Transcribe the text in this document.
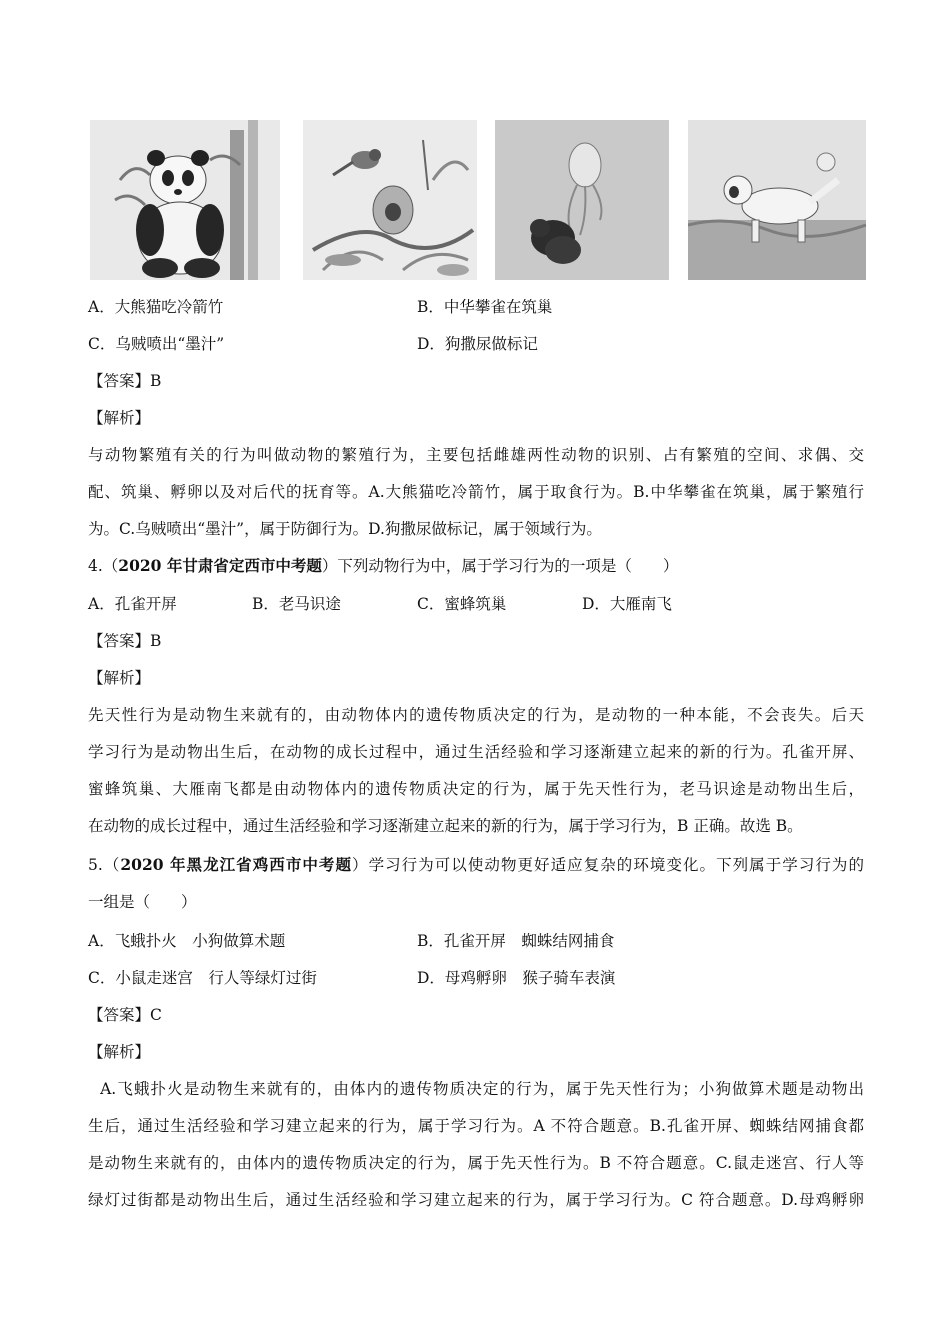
A．大熊猫吃冷箭竹	B．中华攀雀在筑巢
C．乌贼喷出“墨汁”	D．狗撒尿做标记
【答案】B
【解析】
与动物繁殖有关的行为叫做动物的繁殖行为，主要包括雌雄两性动物的识别、占有繁殖的空间、求偶、交
配、筑巢、孵卵以及对后代的抚育等。A.大熊猫吃冷箭竹，属于取食行为。B.中华攀雀在筑巢，属于繁殖行
为。C.乌贼喷出“墨汁”，属于防御行为。D.狗撒尿做标记，属于领域行为。
4.（2020 年甘肃省定西市中考题）下列动物行为中，属于学习行为的一项是（　　）
A．孔雀开屏	B．老马识途	C．蜜蜂筑巢	D．大雁南飞
【答案】B
【解析】
先天性行为是动物生来就有的，由动物体内的遗传物质决定的行为，是动物的一种本能，不会丧失。后天
学习行为是动物出生后，在动物的成长过程中，通过生活经验和学习逐渐建立起来的新的行为。孔雀开屏、
蜜蜂筑巢、大雁南飞都是由动物体内的遗传物质决定的行为，属于先天性行为，老马识途是动物出生后，
在动物的成长过程中，通过生活经验和学习逐渐建立起来的新的行为，属于学习行为，B 正确。故选 B。
5.（2020 年黑龙江省鸡西市中考题）学习行为可以使动物更好适应复杂的环境变化。下列属于学习行为的
一组是（　　）
A．飞蛾扑火　小狗做算术题	B．孔雀开屏　蜘蛛结网捕食
C．小鼠走迷宫　行人等绿灯过街	D．母鸡孵卵　猴子骑车表演
【答案】C
【解析】
A.飞蛾扑火是动物生来就有的，由体内的遗传物质决定的行为，属于先天性行为；小狗做算术题是动物出
生后，通过生活经验和学习建立起来的行为，属于学习行为。A 不符合题意。B.孔雀开屏、蜘蛛结网捕食都
是动物生来就有的，由体内的遗传物质决定的行为，属于先天性行为。B 不符合题意。C.鼠走迷宫、行人等
绿灯过街都是动物出生后，通过生活经验和学习建立起来的行为，属于学习行为。C 符合题意。D.母鸡孵卵
